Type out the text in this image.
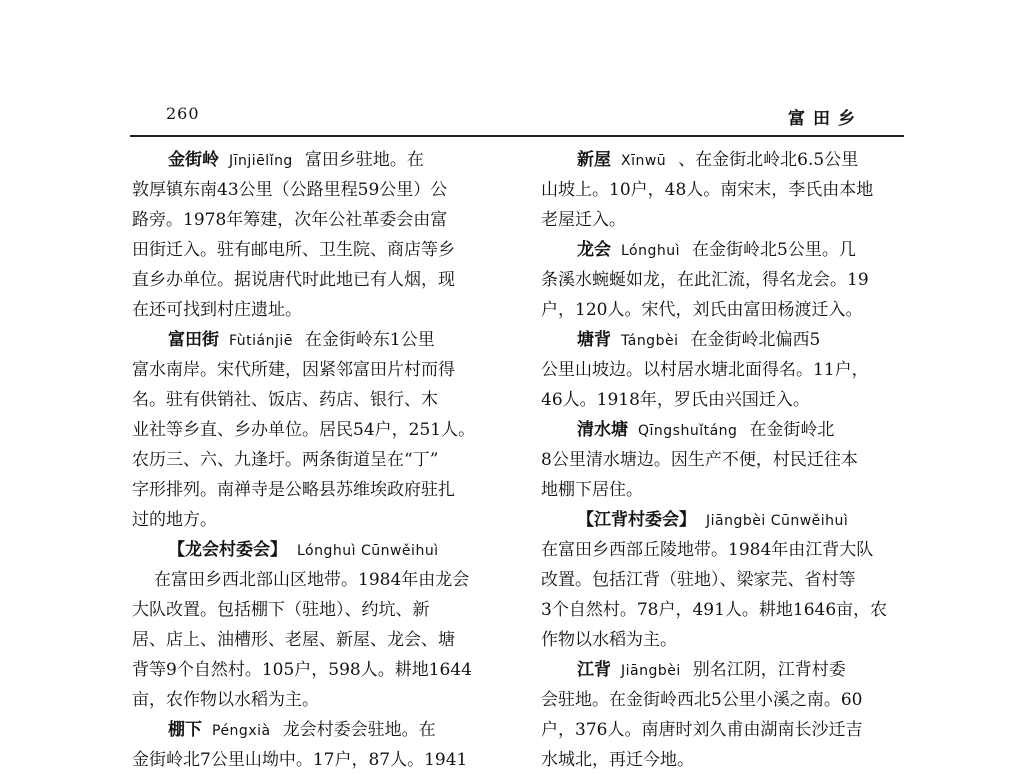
260	富田乡
金街岭 Jīnjiēlǐng 富田乡驻地。在
敦厚镇东南43公里（公路里程59公里）公
路旁。1978年筹建，次年公社革委会由富
田街迁入。驻有邮电所、卫生院、商店等乡
直乡办单位。据说唐代时此地已有人烟，现
在还可找到村庄遗址。
富田街 Fùtiánjiē 在金街岭东1公里
富水南岸。宋代所建，因紧邻富田片村而得
名。驻有供销社、饭店、药店、银行、木
业社等乡直、乡办单位。居民54户，251人。
农历三、六、九逢圩。两条街道呈在“丁”
字形排列。南禅寺是公略县苏维埃政府驻扎
过的地方。
【龙会村委会】 Lónghuì Cūnwěihuì
在富田乡西北部山区地带。1984年由龙会
大队改置。包括棚下（驻地）、约坑、新
居、店上、油槽形、老屋、新屋、龙会、塘
背等9个自然村。105户，598人。耕地1644
亩，农作物以水稻为主。
棚下 Péngxià 龙会村委会驻地。在
金街岭北7公里山坳中。17户，87人。1941
新屋 Xīnwū 、在金街北岭北6.5公里
山坡上。10户，48人。南宋末，李氏由本地
老屋迁入。
龙会 Lónghuì 在金街岭北5公里。几
条溪水蜿蜒如龙，在此汇流，得名龙会。19
户，120人。宋代，刘氏由富田杨渡迁入。
塘背 Tángbèi 在金街岭北偏西5
公里山坡边。以村居水塘北面得名。11户，
46人。1918年，罗氏由兴国迁入。
清水塘 Qīngshuǐtáng 在金街岭北
8公里清水塘边。因生产不便，村民迁往本
地棚下居住。
【江背村委会】 Jiāngbèi Cūnwěihuì
在富田乡西部丘陵地带。1984年由江背大队
改置。包括江背（驻地）、梁家芫、省村等
3个自然村。78户，491人。耕地1646亩，农
作物以水稻为主。
江背 Jiāngbèi 别名江阴，江背村委
会驻地。在金街岭西北5公里小溪之南。60
户，376人。南唐时刘久甫由湖南长沙迁吉
水城北，再迁今地。
